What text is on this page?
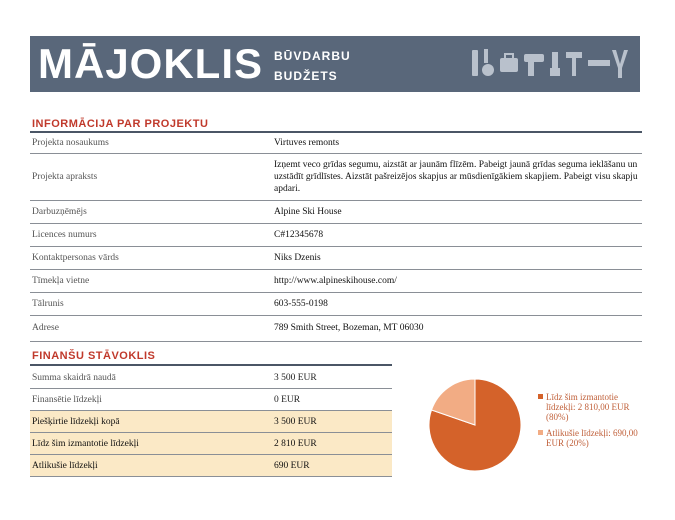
MĀJOKLIS BŪVDARBU
BUDŽETS
INFORMĀCIJA PAR PROJEKTU
Projekta nosaukums	Virtuves remonts
Projekta apraksts	Izņemt veco grīdas segumu, aizstāt ar jaunām flīzēm. Pabeigt jaunā grīdas seguma ieklāšanu un uzstādīt grīdlīstes. Aizstāt pašreizējos skapjus ar mūsdienīgākiem skapjiem. Pabeigt visu skapju apdari.
Darbuzņēmējs	Alpine Ski House
Licences numurs	C#12345678
Kontaktpersonas vārds	Niks Dzenis
Tīmekļa vietne	http://www.alpineskihouse.com/
Tālrunis	603-555-0198
Adrese	789 Smith Street, Bozeman, MT 06030
FINANŠU STĀVOKLIS
Summa skaidrā naudā	3 500 EUR
Finansētie līdzekļi	0 EUR
Piešķirtie līdzekļi kopā	3 500 EUR
Līdz šim izmantotie līdzekļi	2 810 EUR
Atlikušie līdzekļi	690 EUR
Līdz šim izmantotie līdzekļi: 2 810,00 EUR (80%)
Atlikušie līdzekļi: 690,00 EUR (20%)
